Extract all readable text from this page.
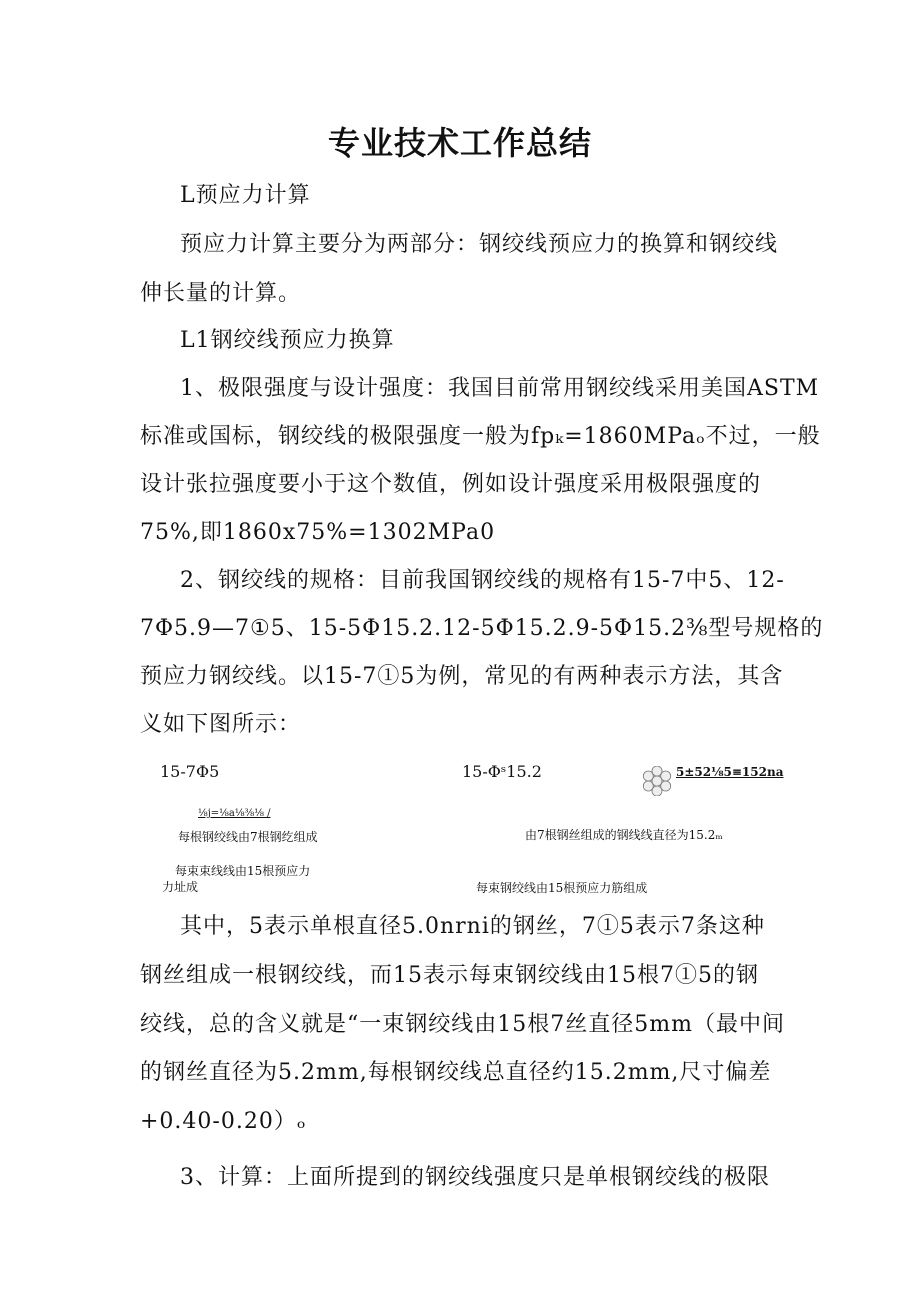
专业技术工作总结
L预应力计算
预应力计算主要分为两部分：钢绞线预应力的换算和钢绞线
伸长量的计算。
L1钢绞线预应力换算
1、极限强度与设计强度：我国目前常用钢绞线采用美国ASTM
标准或国标，钢绞线的极限强度一般为fpₖ=1860MPaₒ不过，一般
设计张拉强度要小于这个数值，例如设计强度采用极限强度的
75%,即1860x75%=1302MPa0
2、钢绞线的规格：目前我国钢绞线的规格有15-7中5、12-
7Φ5.9—7①5、15-5Φ15.2.12-5Φ15.2.9-5Φ15.2⅜型号规格的
预应力钢绞线。以15-7①5为例，常见的有两种表示方法，其含
义如下图所示：
15-7Φ5
⅛j=⅛a⅛⅜⅛ /
每根钢绞线由7根钢纥组成
每束束线线由15根预应力
力址成
15-Φˢ15.2	5±52⅛5≡152na
由7根钢丝组成的钢线线直径为15.2ₘ
每束钢绞线由15根预应力筋组成
其中，5表示单根直径5.0nrni的钢丝，7①5表示7条这种
钢丝组成一根钢绞线，而15表示每束钢绞线由15根7①5的钢
绞线，总的含义就是“一束钢绞线由15根7丝直径5mm（最中间
的钢丝直径为5.2mm,每根钢绞线总直径约15.2mm,尺寸偏差
+0.40-0.20）ₒ
3、计算：上面所提到的钢绞线强度只是单根钢绞线的极限
